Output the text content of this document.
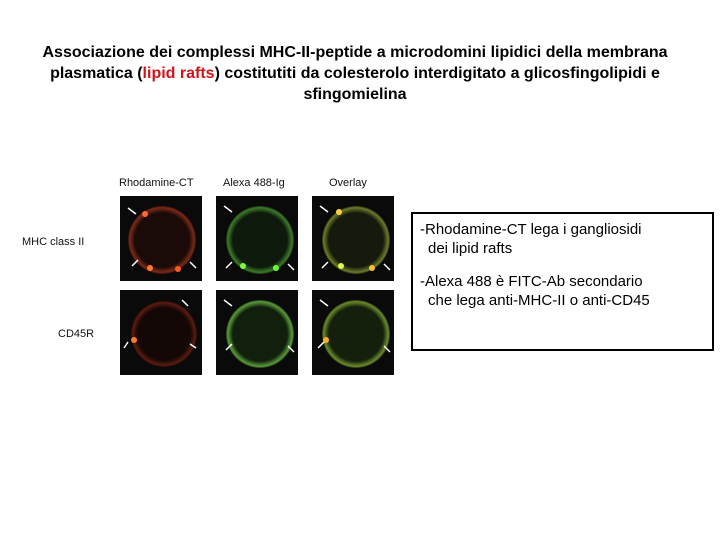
Associazione dei complessi MHC-II-peptide a microdomini lipidici della membrana plasmatica (lipid rafts) costitutiti da colesterolo interdigitato a glicosfingolipidi e sfingomielina
Rhodamine-CT	Alexa 488-Ig	Overlay
MHC class II
CD45R

-Rhodamine-CT lega i gangliosidi
dei lipid rafts

-Alexa 488 è FITC-Ab secondario
che lega anti-MHC-II o anti-CD45
